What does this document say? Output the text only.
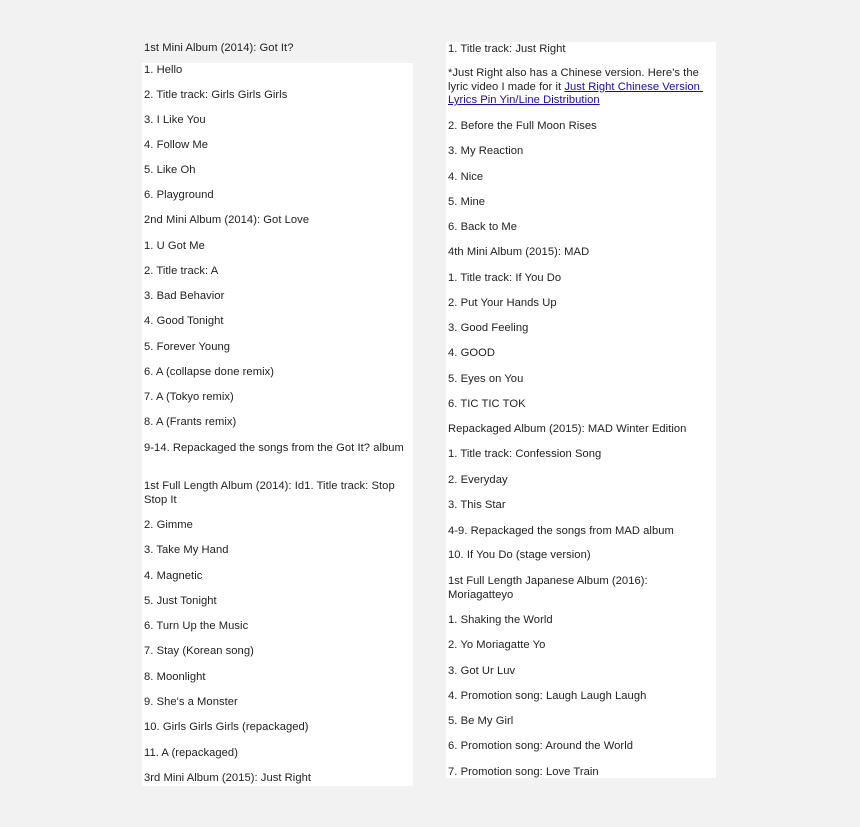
1st Mini Album (2014): Got It?
1. Hello
2. Title track: Girls Girls Girls
3. I Like You
4. Follow Me
5. Like Oh
6. Playground
2nd Mini Album (2014): Got Love
1. U Got Me
2. Title track: A
3. Bad Behavior
4. Good Tonight
5. Forever Young
6. A (collapse done remix)
7. A (Tokyo remix)
8. A (Frants remix)
9-14. Repackaged the songs from the Got It? album
1st Full Length Album (2014): Id1. Title track: Stop Stop It
2. Gimme
3. Take My Hand
4. Magnetic
5. Just Tonight
6. Turn Up the Music
7. Stay (Korean song)
8. Moonlight
9. She's a Monster
10. Girls Girls Girls (repackaged)
11. A (repackaged)
3rd Mini Album (2015): Just Right
1. Title track: Just Right
*Just Right also has a Chinese version. Here's the lyric video I made for it Just Right Chinese Version Lyrics Pin Yin/Line Distribution
2. Before the Full Moon Rises
3. My Reaction
4. Nice
5. Mine
6. Back to Me
4th Mini Album (2015): MAD
1. Title track: If You Do
2. Put Your Hands Up
3. Good Feeling
4. GOOD
5. Eyes on You
6. TIC TIC TOK
Repackaged Album (2015): MAD Winter Edition
1. Title track: Confession Song
2. Everyday
3. This Star
4-9. Repackaged the songs from MAD album
10. If You Do (stage version)
1st Full Length Japanese Album (2016): Moriagatteyo
1. Shaking the World
2. Yo Moriagatte Yo
3. Got Ur Luv
4. Promotion song: Laugh Laugh Laugh
5. Be My Girl
6. Promotion song: Around the World
7. Promotion song: Love Train
